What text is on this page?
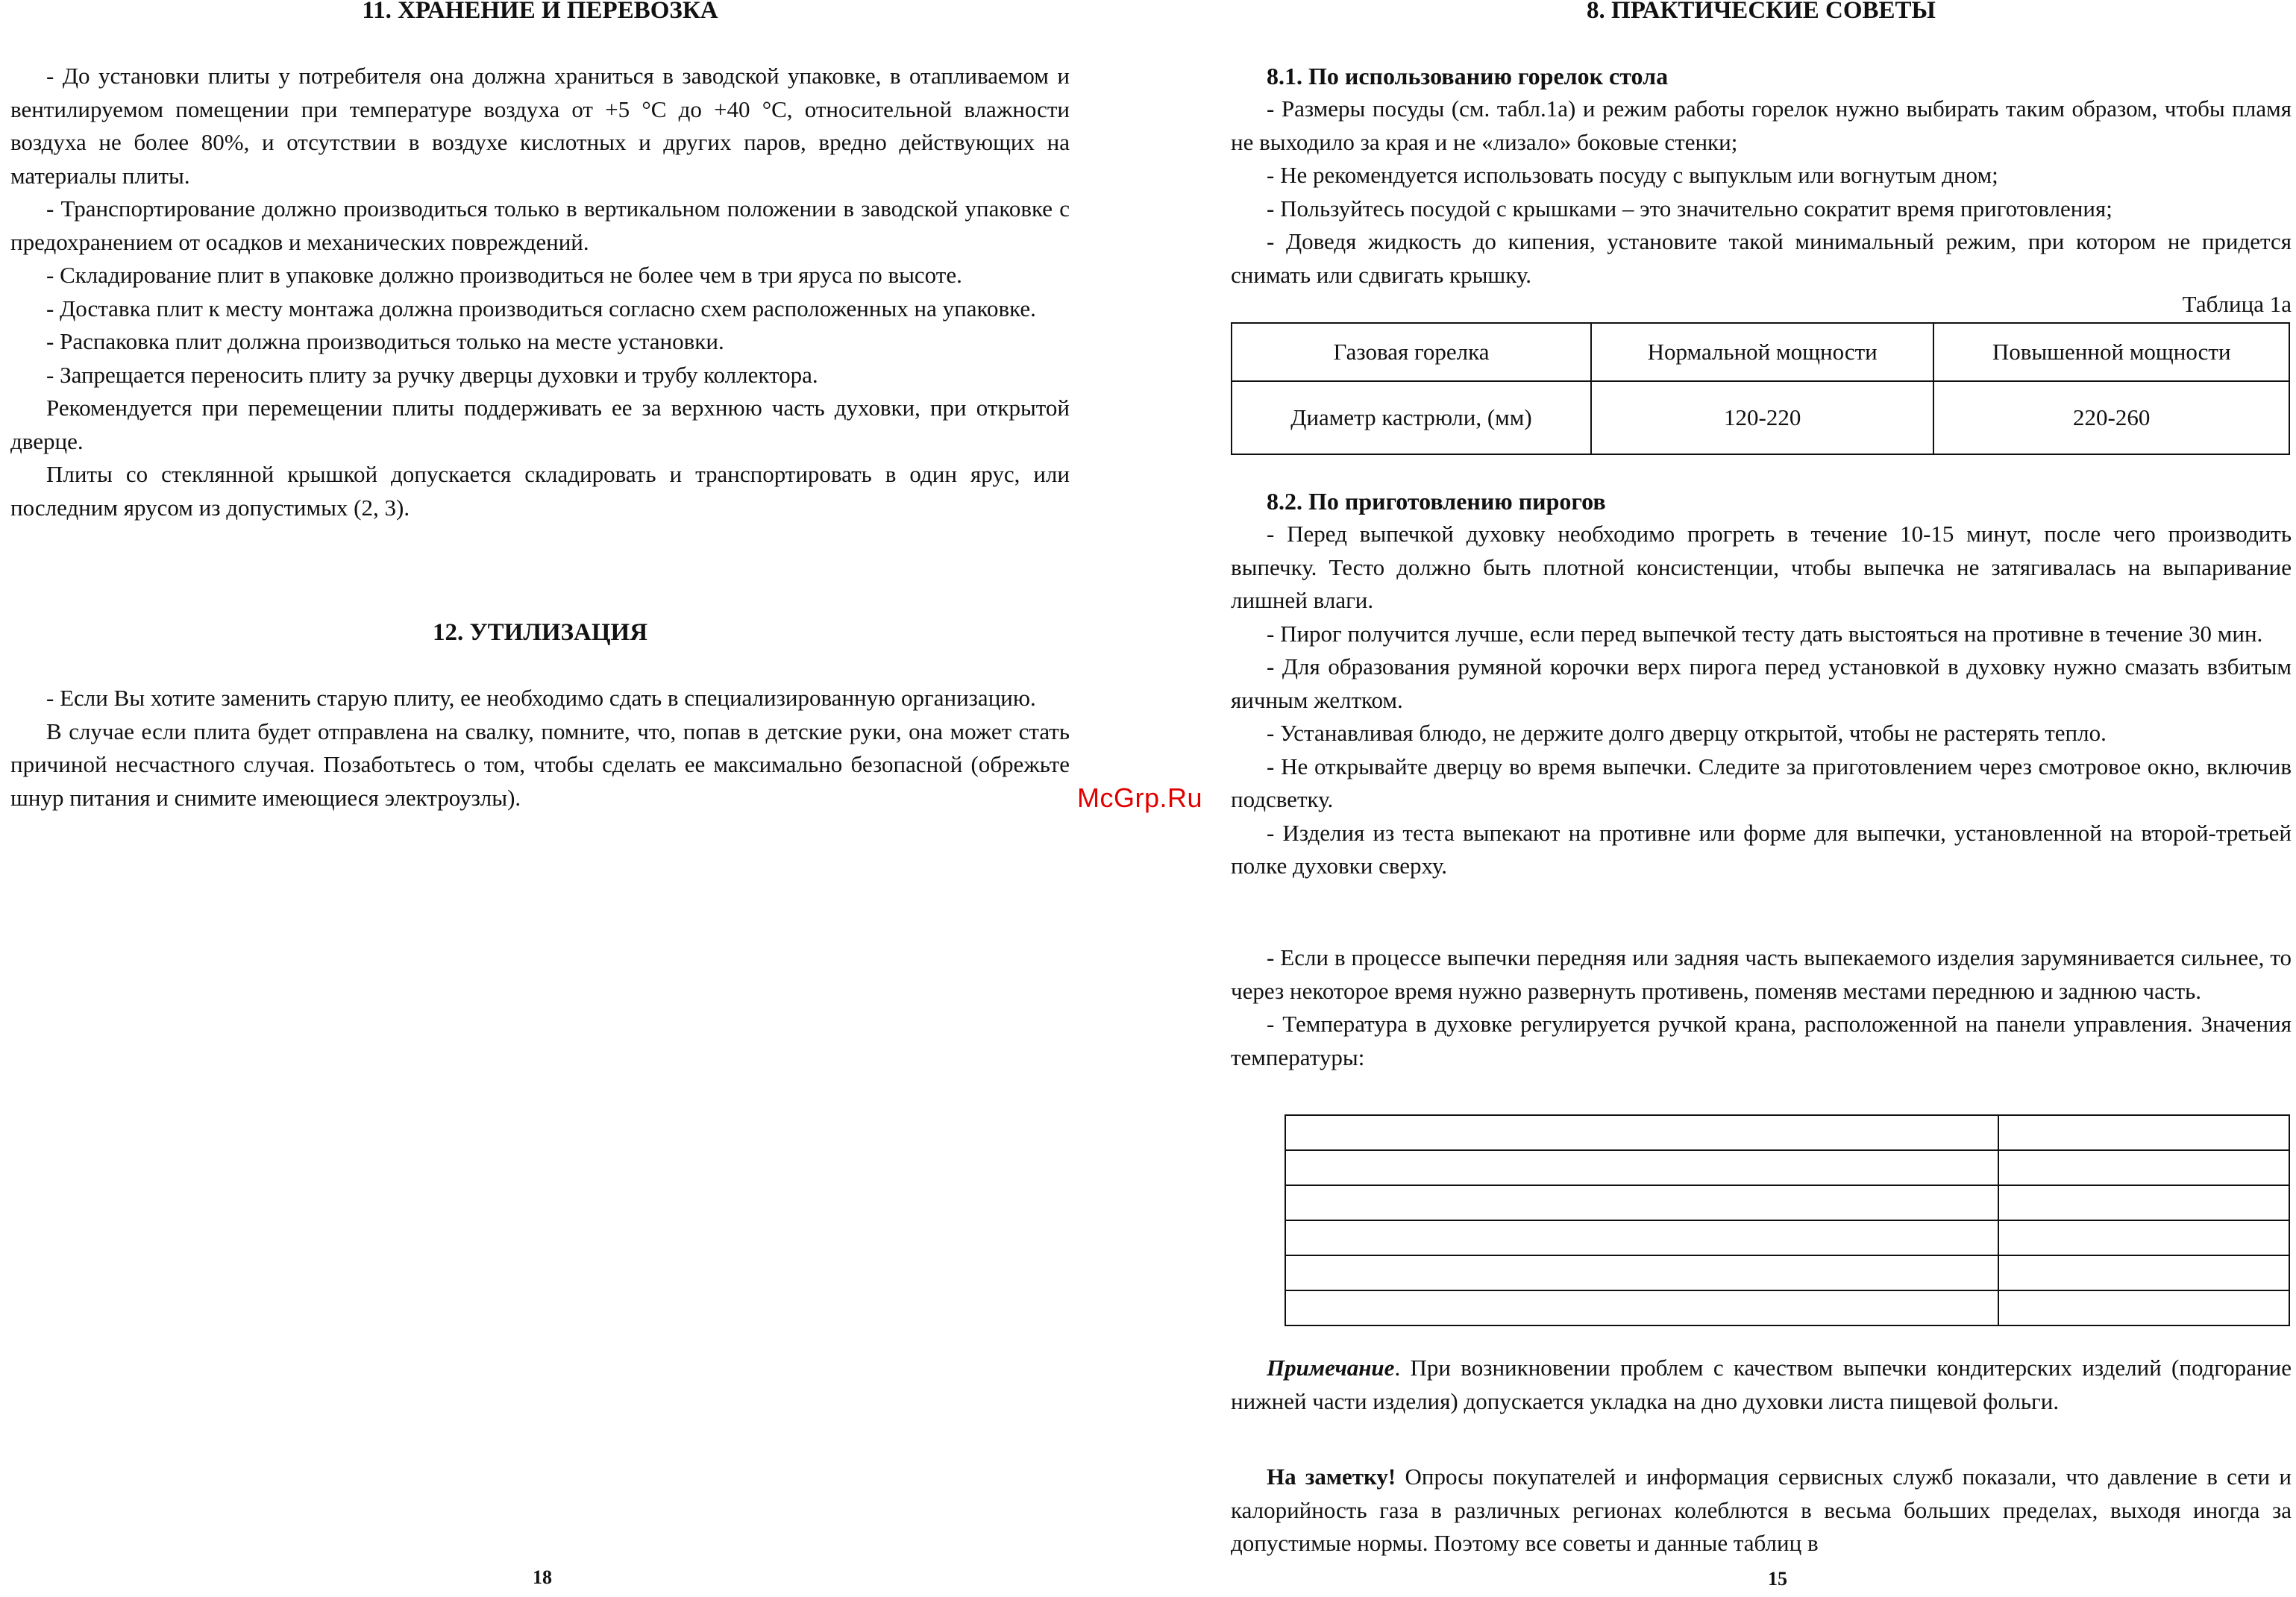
11. ХРАНЕНИЕ И ПЕРЕВОЗКА

- До установки плиты у потребителя она должна храниться в заводской упаковке, в отапливаемом и вентилируемом помещении при температуре воздуха от +5 °С до +40 °С, относительной влажности воздуха не более 80%, и отсутствии в воздухе кислотных и других паров, вредно действующих на материалы плиты.

- Транспортирование должно производиться только в вертикальном положении в заводской упаковке с предохранением от осадков и механических повреждений.

- Складирование плит в упаковке должно производиться не более чем в три яруса по высоте.

- Доставка плит к месту монтажа должна производиться согласно схем расположенных на упаковке.

- Распаковка плит должна производиться только на месте установки.

- Запрещается переносить плиту за ручку дверцы духовки и трубу коллектора.

Рекомендуется при перемещении плиты поддерживать ее за верхнюю часть духовки, при открытой дверце.

Плиты со стеклянной крышкой допускается складировать и транспортировать в один ярус, или последним ярусом из допустимых (2, 3).

12. УТИЛИЗАЦИЯ

- Если Вы хотите заменить старую плиту, ее необходимо сдать в специализированную организацию.

В случае если плита будет отправлена на свалку, помните, что, попав в детские руки, она может стать причиной несчастного случая. Позаботьтесь о том, чтобы сделать ее максимально безопасной (обрежьте шнур питания и снимите имеющиеся электроузлы).

18
McGrp.Ru
8. ПРАКТИЧЕСКИЕ СОВЕТЫ

8.1. По использованию горелок стола

- Размеры посуды (см. табл.1а) и режим работы горелок нужно выбирать таким образом, чтобы пламя не выходило за края и не «лизало» боковые стенки;

- Не рекомендуется использовать посуду с выпуклым или вогнутым дном;

- Пользуйтесь посудой с крышками – это значительно сократит время приготовления;

- Доведя жидкость до кипения, установите такой минимальный режим, при котором не придется снимать или сдвигать крышку.

Таблица 1а
Газовая горелка	Нормальной мощности	Повышенной мощности
Диаметр кастрюли, (мм)	120-220	220-260

8.2. По приготовлению пирогов

- Перед выпечкой духовку необходимо прогреть в течение 10-15 минут, после чего производить выпечку. Тесто должно быть плотной консистенции, чтобы выпечка не затягивалась на выпаривание лишней влаги.

- Пирог получится лучше, если перед выпечкой тесту дать выстояться на противне в течение 30 мин.

- Для образования румяной корочки верх пирога перед установкой в духовку нужно смазать взбитым яичным желтком.

- Устанавливая блюдо, не держите долго дверцу открытой, чтобы не растерять тепло.

- Не открывайте дверцу во время выпечки. Следите за приготовлением через смотровое окно, включив подсветку.

- Изделия из теста выпекают на противне или форме для выпечки, установленной на второй-третьей полке духовки сверху.

- Если в процессе выпечки передняя или задняя часть выпекаемого изделия зарумянивается сильнее, то через некоторое время нужно развернуть противень, поменяв местами переднюю и заднюю часть.

- Температура в духовке регулируется ручкой крана, расположенной на панели управления. Значения температуры:

Примечание. При возникновении проблем с качеством выпечки кондитерских изделий (подгорание нижней части изделия) допускается укладка на дно духовки листа пищевой фольги.

На заметку! Опросы покупателей и информация сервисных служб показали, что давление в сети и калорийность газа в различных регионах колеблются в весьма больших пределах, выходя иногда за допустимые нормы. Поэтому все советы и данные таблиц в

15
